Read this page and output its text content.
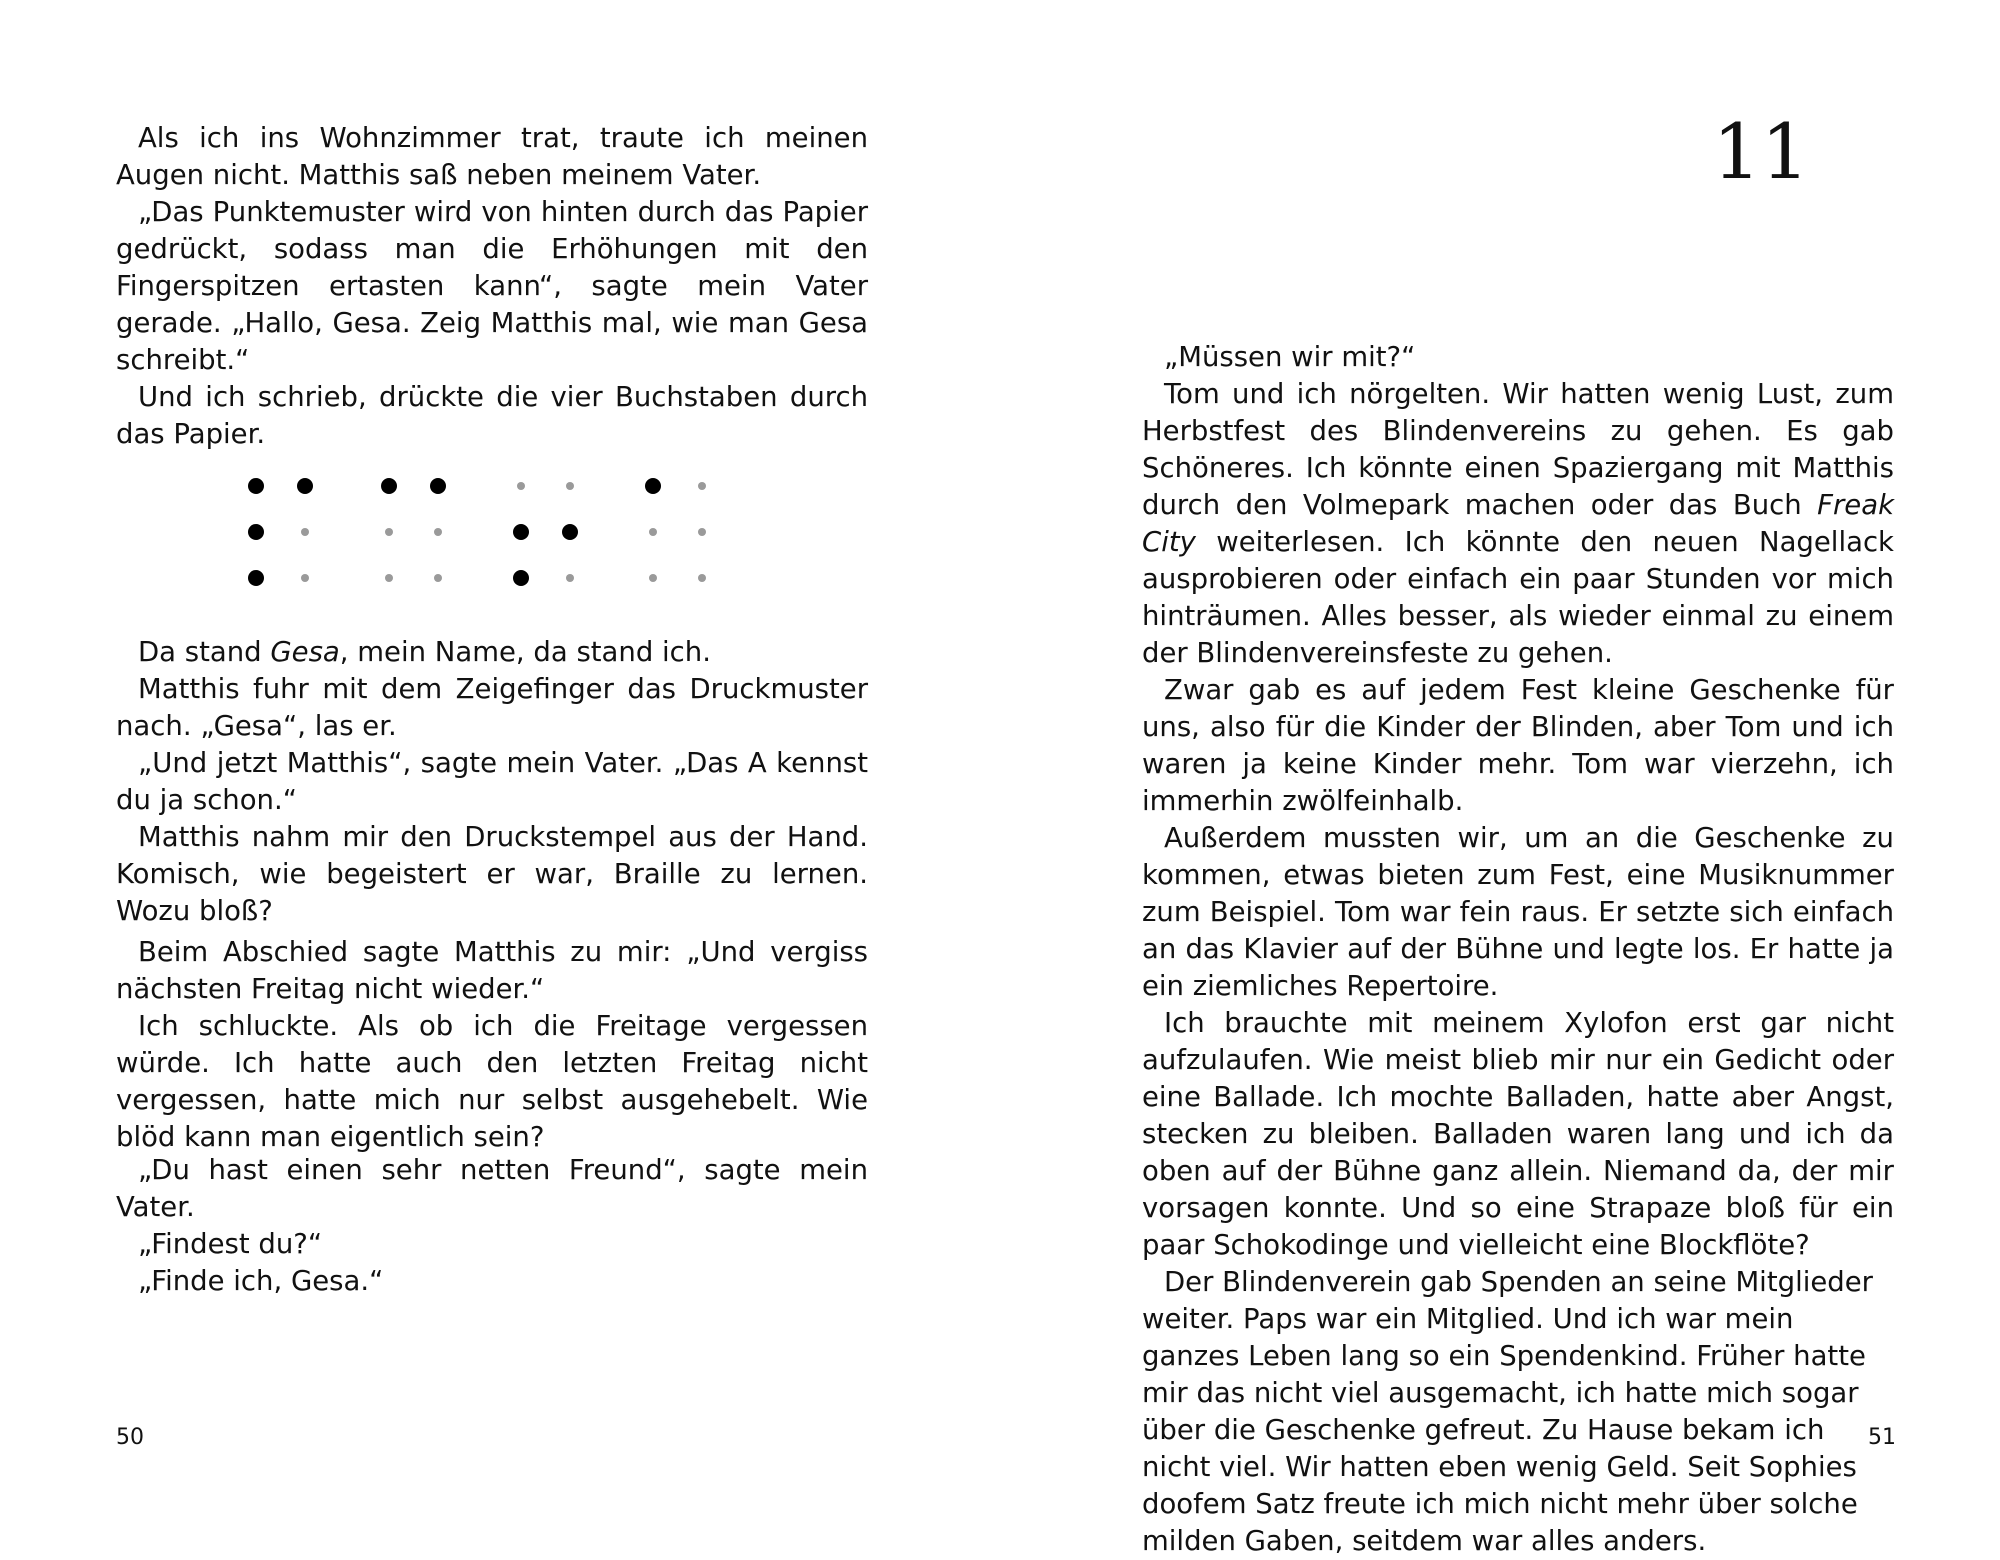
Als ich ins Wohnzimmer trat, traute ich meinen Augen nicht. Matthis saß neben meinem Vater.

„Das Punktemuster wird von hinten durch das Papier gedrückt, sodass man die Erhöhungen mit den Fingerspitzen ertasten kann“, sagte mein Vater gerade. „Hallo, Gesa. Zeig Matthis mal, wie man Gesa schreibt.“

Und ich schrieb, drückte die vier Buchstaben durch das Papier.

Da stand Gesa, mein Name, da stand ich.

Matthis fuhr mit dem Zeigefinger das Druckmuster nach. „Gesa“, las er.

„Und jetzt Matthis“, sagte mein Vater. „Das A kennst du ja schon.“

Matthis nahm mir den Druckstempel aus der Hand. Komisch, wie begeistert er war, Braille zu lernen. Wozu bloß?

Beim Abschied sagte Matthis zu mir: „Und vergiss nächsten Freitag nicht wieder.“

Ich schluckte. Als ob ich die Freitage vergessen würde. Ich hatte auch den letzten Freitag nicht vergessen, hatte mich nur selbst ausgehebelt. Wie blöd kann man eigentlich sein?

„Du hast einen sehr netten Freund“, sagte mein Vater.

„Findest du?“

„Finde ich, Gesa.“

50
11

„Müssen wir mit?“

Tom und ich nörgelten. Wir hatten wenig Lust, zum Herbstfest des Blindenvereins zu gehen. Es gab Schöneres. Ich könnte einen Spaziergang mit Matthis durch den Volmepark machen oder das Buch Freak City weiterlesen. Ich könnte den neuen Nagellack ausprobieren oder einfach ein paar Stunden vor mich hinträumen. Alles besser, als wieder einmal zu einem der Blindenvereinsfeste zu gehen.

Zwar gab es auf jedem Fest kleine Geschenke für uns, also für die Kinder der Blinden, aber Tom und ich waren ja keine Kinder mehr. Tom war vierzehn, ich immerhin zwölfeinhalb.

Außerdem mussten wir, um an die Geschenke zu kommen, etwas bieten zum Fest, eine Musiknummer zum Beispiel. Tom war fein raus. Er setzte sich einfach an das Klavier auf der Bühne und legte los. Er hatte ja ein ziemliches Repertoire.

Ich brauchte mit meinem Xylofon erst gar nicht aufzulaufen. Wie meist blieb mir nur ein Gedicht oder eine Ballade. Ich mochte Balladen, hatte aber Angst, stecken zu bleiben. Balladen waren lang und ich da oben auf der Bühne ganz allein. Niemand da, der mir vorsagen konnte. Und so eine Strapaze bloß für ein paar Schokodinge und vielleicht eine Blockflöte?

Der Blindenverein gab Spenden an seine Mitglieder weiter. Paps war ein Mitglied. Und ich war mein ganzes Leben lang so ein Spendenkind. Früher hatte mir das nicht viel ausgemacht, ich hatte mich sogar über die Geschenke gefreut. Zu Hause bekam ich nicht viel. Wir hatten eben wenig Geld. Seit Sophies doofem Satz freute ich mich nicht mehr über solche milden Gaben, seitdem war alles anders.

51
